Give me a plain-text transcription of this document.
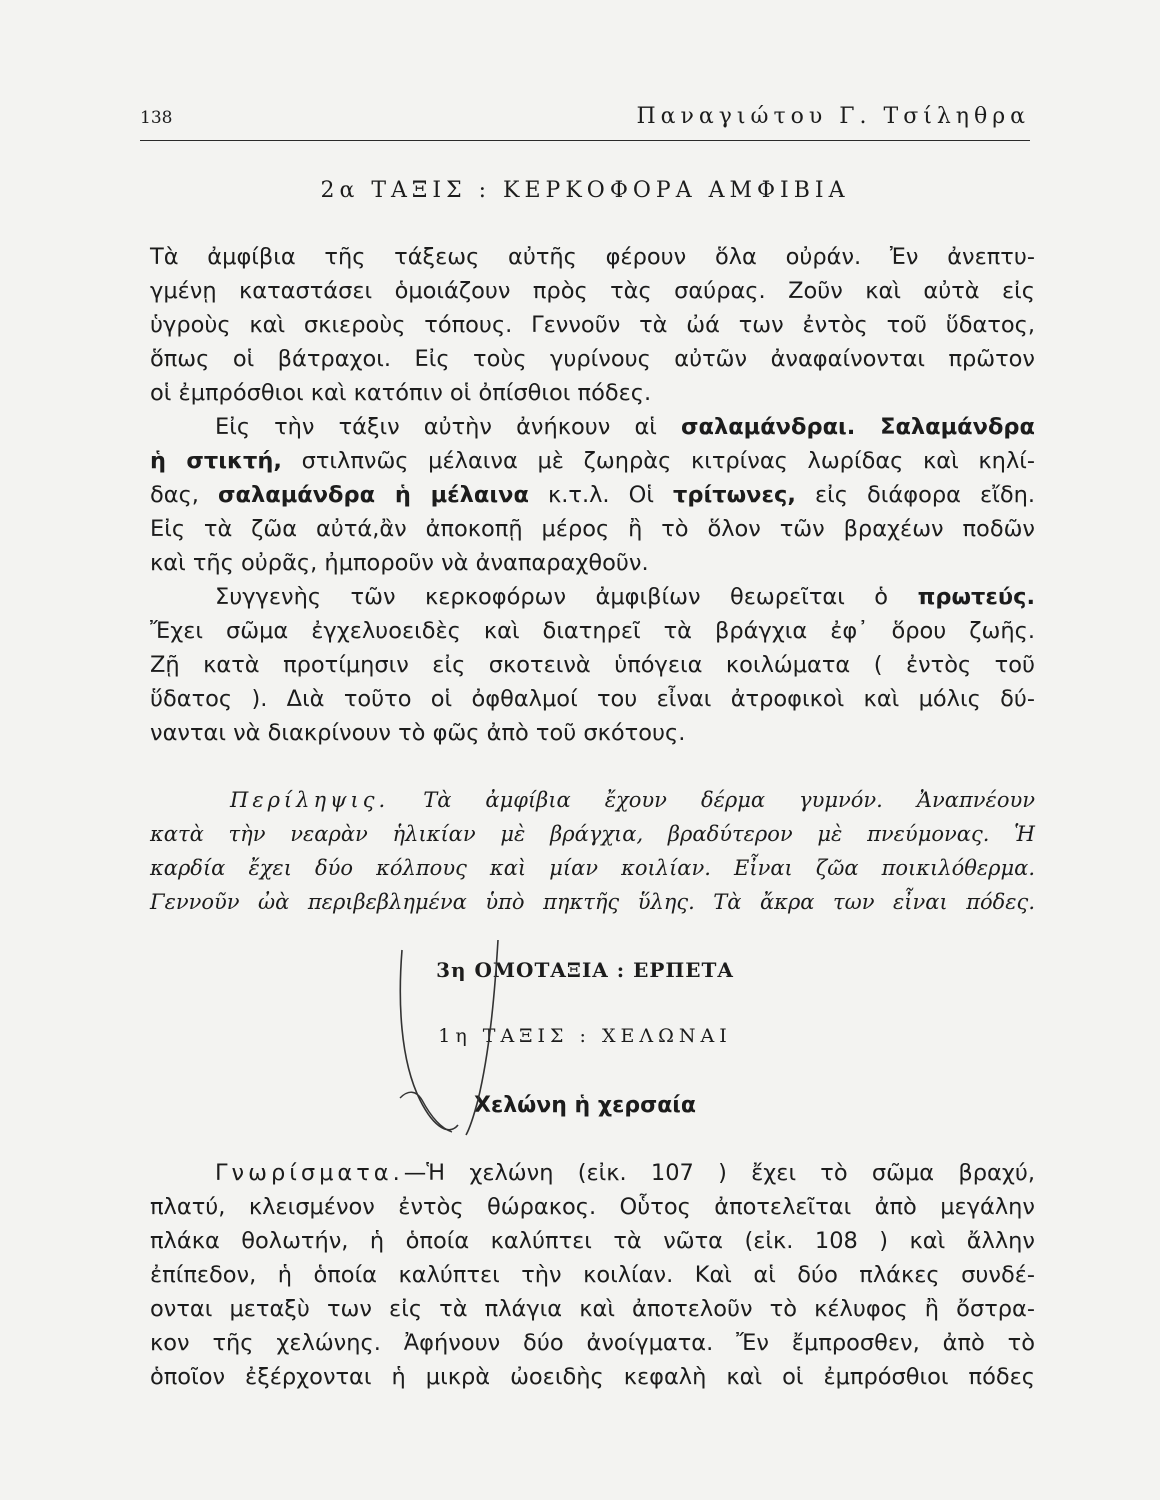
138	Παναγιώτου Γ. Τσίληθρα
2α ΤΑΞΙΣ : ΚΕΡΚΟΦΟΡΑ ΑΜΦΙΒΙΑ
Τὰ ἀμφίβια τῆς τάξεως αὐτῆς φέρουν ὅλα οὐράν. Ἐν ἀνεπτυ-
γμένῃ καταστάσει ὁμοιάζουν πρὸς τὰς σαύρας. Ζοῦν καὶ αὐτὰ εἰς
ὑγροὺς καὶ σκιεροὺς τόπους. Γεννοῦν τὰ ὠά των ἐντὸς τοῦ ὕδατος,
ὅπως οἱ βάτραχοι. Εἰς τοὺς γυρίνους αὐτῶν ἀναφαίνονται πρῶτον
οἱ ἐμπρόσθιοι καὶ κατόπιν οἱ ὀπίσθιοι πόδες.
Εἰς τὴν τάξιν αὐτὴν ἀνήκουν αἱ σαλαμάνδραι. Σαλαμάνδρα
ἡ στικτή, στιλπνῶς μέλαινα μὲ ζωηρὰς κιτρίνας λωρίδας καὶ κηλί-
δας, σαλαμάνδρα ἡ μέλαινα κ.τ.λ. Οἱ τρίτωνες, εἰς διάφορα εἴδη.
Εἰς τὰ ζῶα αὐτά,ἂν ἀποκοπῇ μέρος ἢ τὸ ὅλον τῶν βραχέων ποδῶν
καὶ τῆς οὐρᾶς, ἠμποροῦν νὰ ἀναπαραχθοῦν.
Συγγενὴς τῶν κερκοφόρων ἀμφιβίων θεωρεῖται ὁ πρωτεύς.
Ἔχει σῶμα ἐγχελυοειδὲς καὶ διατηρεῖ τὰ βράγχια ἐφ᾽ ὅρου ζωῆς.
Ζῇ κατὰ προτίμησιν εἰς σκοτεινὰ ὑπόγεια κοιλώματα ( ἐντὸς τοῦ
ὕδατος ). Διὰ τοῦτο οἱ ὀφθαλμοί του εἶναι ἀτροφικοὶ καὶ μόλις δύ-
νανται νὰ διακρίνουν τὸ φῶς ἀπὸ τοῦ σκότους.
Περίληψις. Τὰ ἀμφίβια ἔχουν δέρμα γυμνόν. Ἀναπνέουν
κατὰ τὴν νεαρὰν ἡλικίαν μὲ βράγχια, βραδύτερον μὲ πνεύμονας. Ἡ
καρδία ἔχει δύο κόλπους καὶ μίαν κοιλίαν. Εἶναι ζῶα ποικιλόθερμα.
Γεννοῦν ὠὰ περιβεβλημένα ὑπὸ πηκτῆς ὕλης. Τὰ ἄκρα των εἶναι πόδες.
3η ΟΜΟΤΑΞΙΑ : ΕΡΠΕΤΑ
1η ΤΑΞΙΣ : ΧΕΛΩΝΑΙ
Χελώνη ἡ χερσαία
Γνωρίσματα.—Ἡ χελώνη (εἰκ. 107 ) ἔχει τὸ σῶμα βραχύ,
πλατύ, κλεισμένον ἐντὸς θώρακος. Οὗτος ἀποτελεῖται ἀπὸ μεγάλην
πλάκα θολωτήν, ἡ ὁποία καλύπτει τὰ νῶτα (εἰκ. 108 ) καὶ ἄλλην
ἐπίπεδον, ἡ ὁποία καλύπτει τὴν κοιλίαν. Καὶ αἱ δύο πλάκες συνδέ-
ονται μεταξὺ των εἰς τὰ πλάγια καὶ ἀποτελοῦν τὸ κέλυφος ἢ ὄστρα-
κον τῆς χελώνης. Ἀφήνουν δύο ἀνοίγματα. Ἔν ἔμπροσθεν, ἀπὸ τὸ
ὁποῖον ἐξέρχονται ἡ μικρὰ ὠοειδὴς κεφαλὴ καὶ οἱ ἐμπρόσθιοι πόδες
